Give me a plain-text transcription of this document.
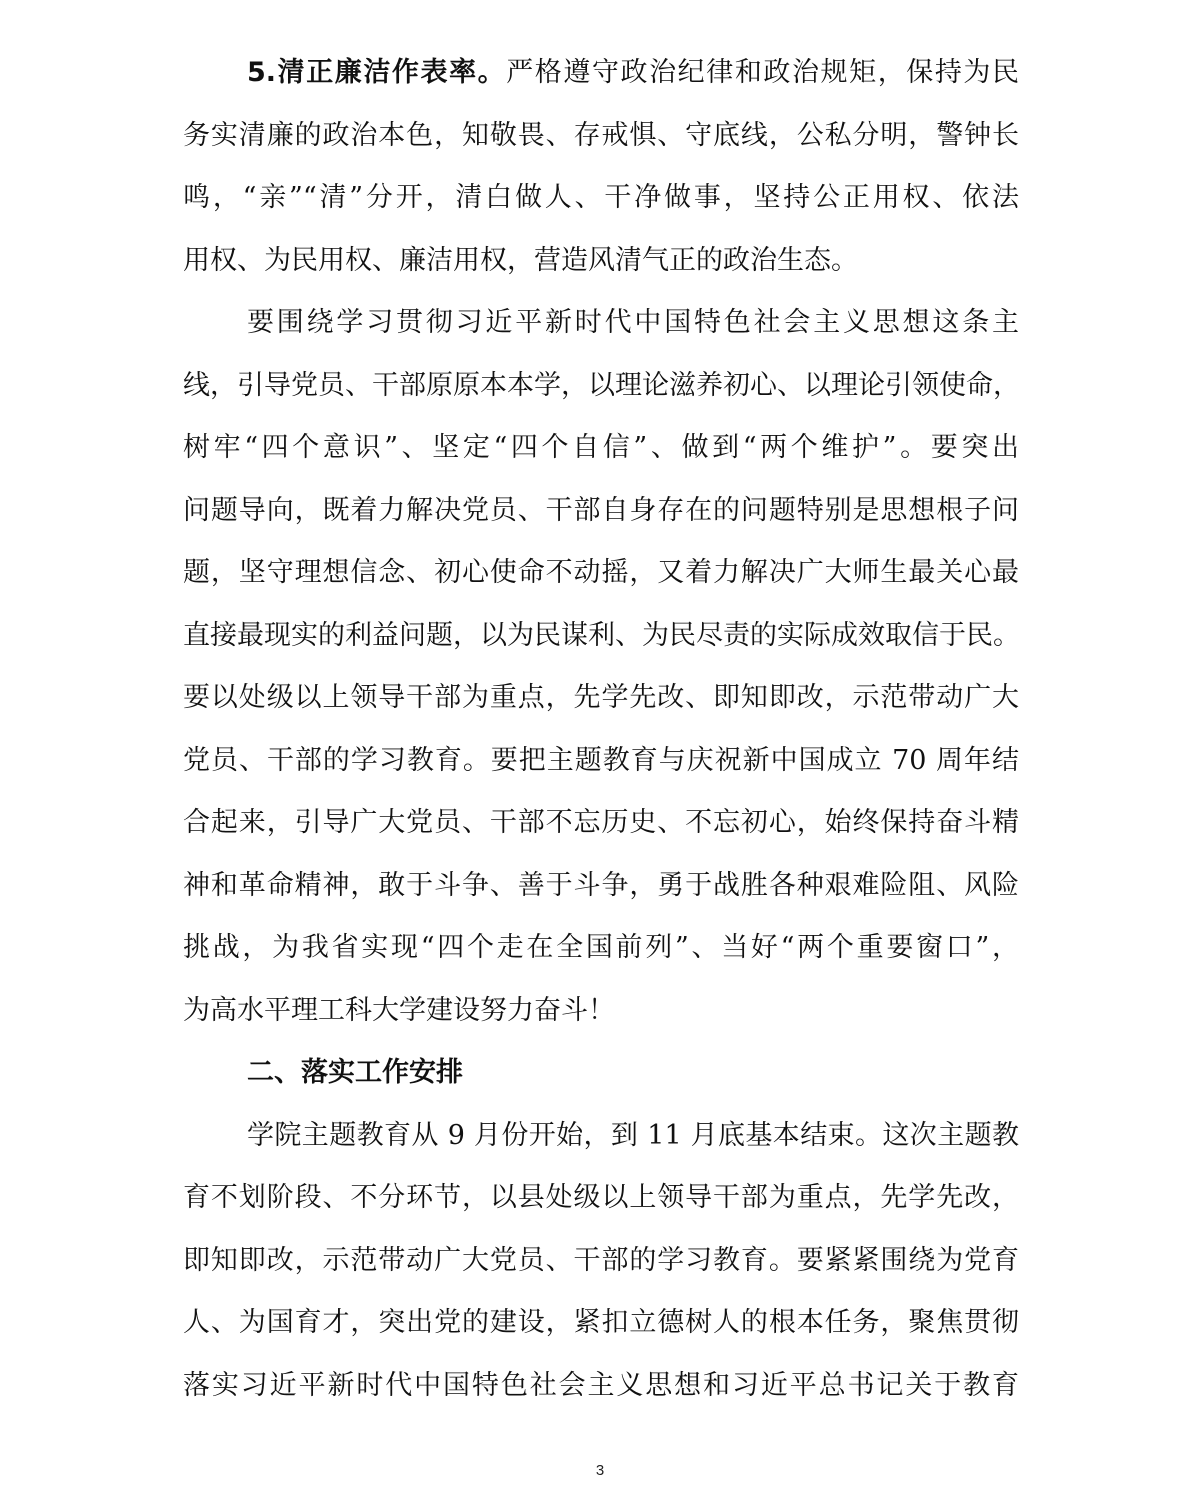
5.清正廉洁作表率。严格遵守政治纪律和政治规矩，保持为民
务实清廉的政治本色，知敬畏、存戒惧、守底线，公私分明，警钟长
鸣，“亲”“清”分开，清白做人、干净做事，坚持公正用权、依法
用权、为民用权、廉洁用权，营造风清气正的政治生态。
要围绕学习贯彻习近平新时代中国特色社会主义思想这条主
线，引导党员、干部原原本本学，以理论滋养初心、以理论引领使命，
树牢“四个意识”、坚定“四个自信”、做到“两个维护”。要突出
问题导向，既着力解决党员、干部自身存在的问题特别是思想根子问
题，坚守理想信念、初心使命不动摇，又着力解决广大师生最关心最
直接最现实的利益问题，以为民谋利、为民尽责的实际成效取信于民。
要以处级以上领导干部为重点，先学先改、即知即改，示范带动广大
党员、干部的学习教育。要把主题教育与庆祝新中国成立 70 周年结
合起来，引导广大党员、干部不忘历史、不忘初心，始终保持奋斗精
神和革命精神，敢于斗争、善于斗争，勇于战胜各种艰难险阻、风险
挑战，为我省实现“四个走在全国前列”、当好“两个重要窗口”，
为高水平理工科大学建设努力奋斗！
二、落实工作安排
学院主题教育从 9 月份开始，到 11 月底基本结束。这次主题教
育不划阶段、不分环节，以县处级以上领导干部为重点，先学先改，
即知即改，示范带动广大党员、干部的学习教育。要紧紧围绕为党育
人、为国育才，突出党的建设，紧扣立德树人的根本任务，聚焦贯彻
落实习近平新时代中国特色社会主义思想和习近平总书记关于教育
3
